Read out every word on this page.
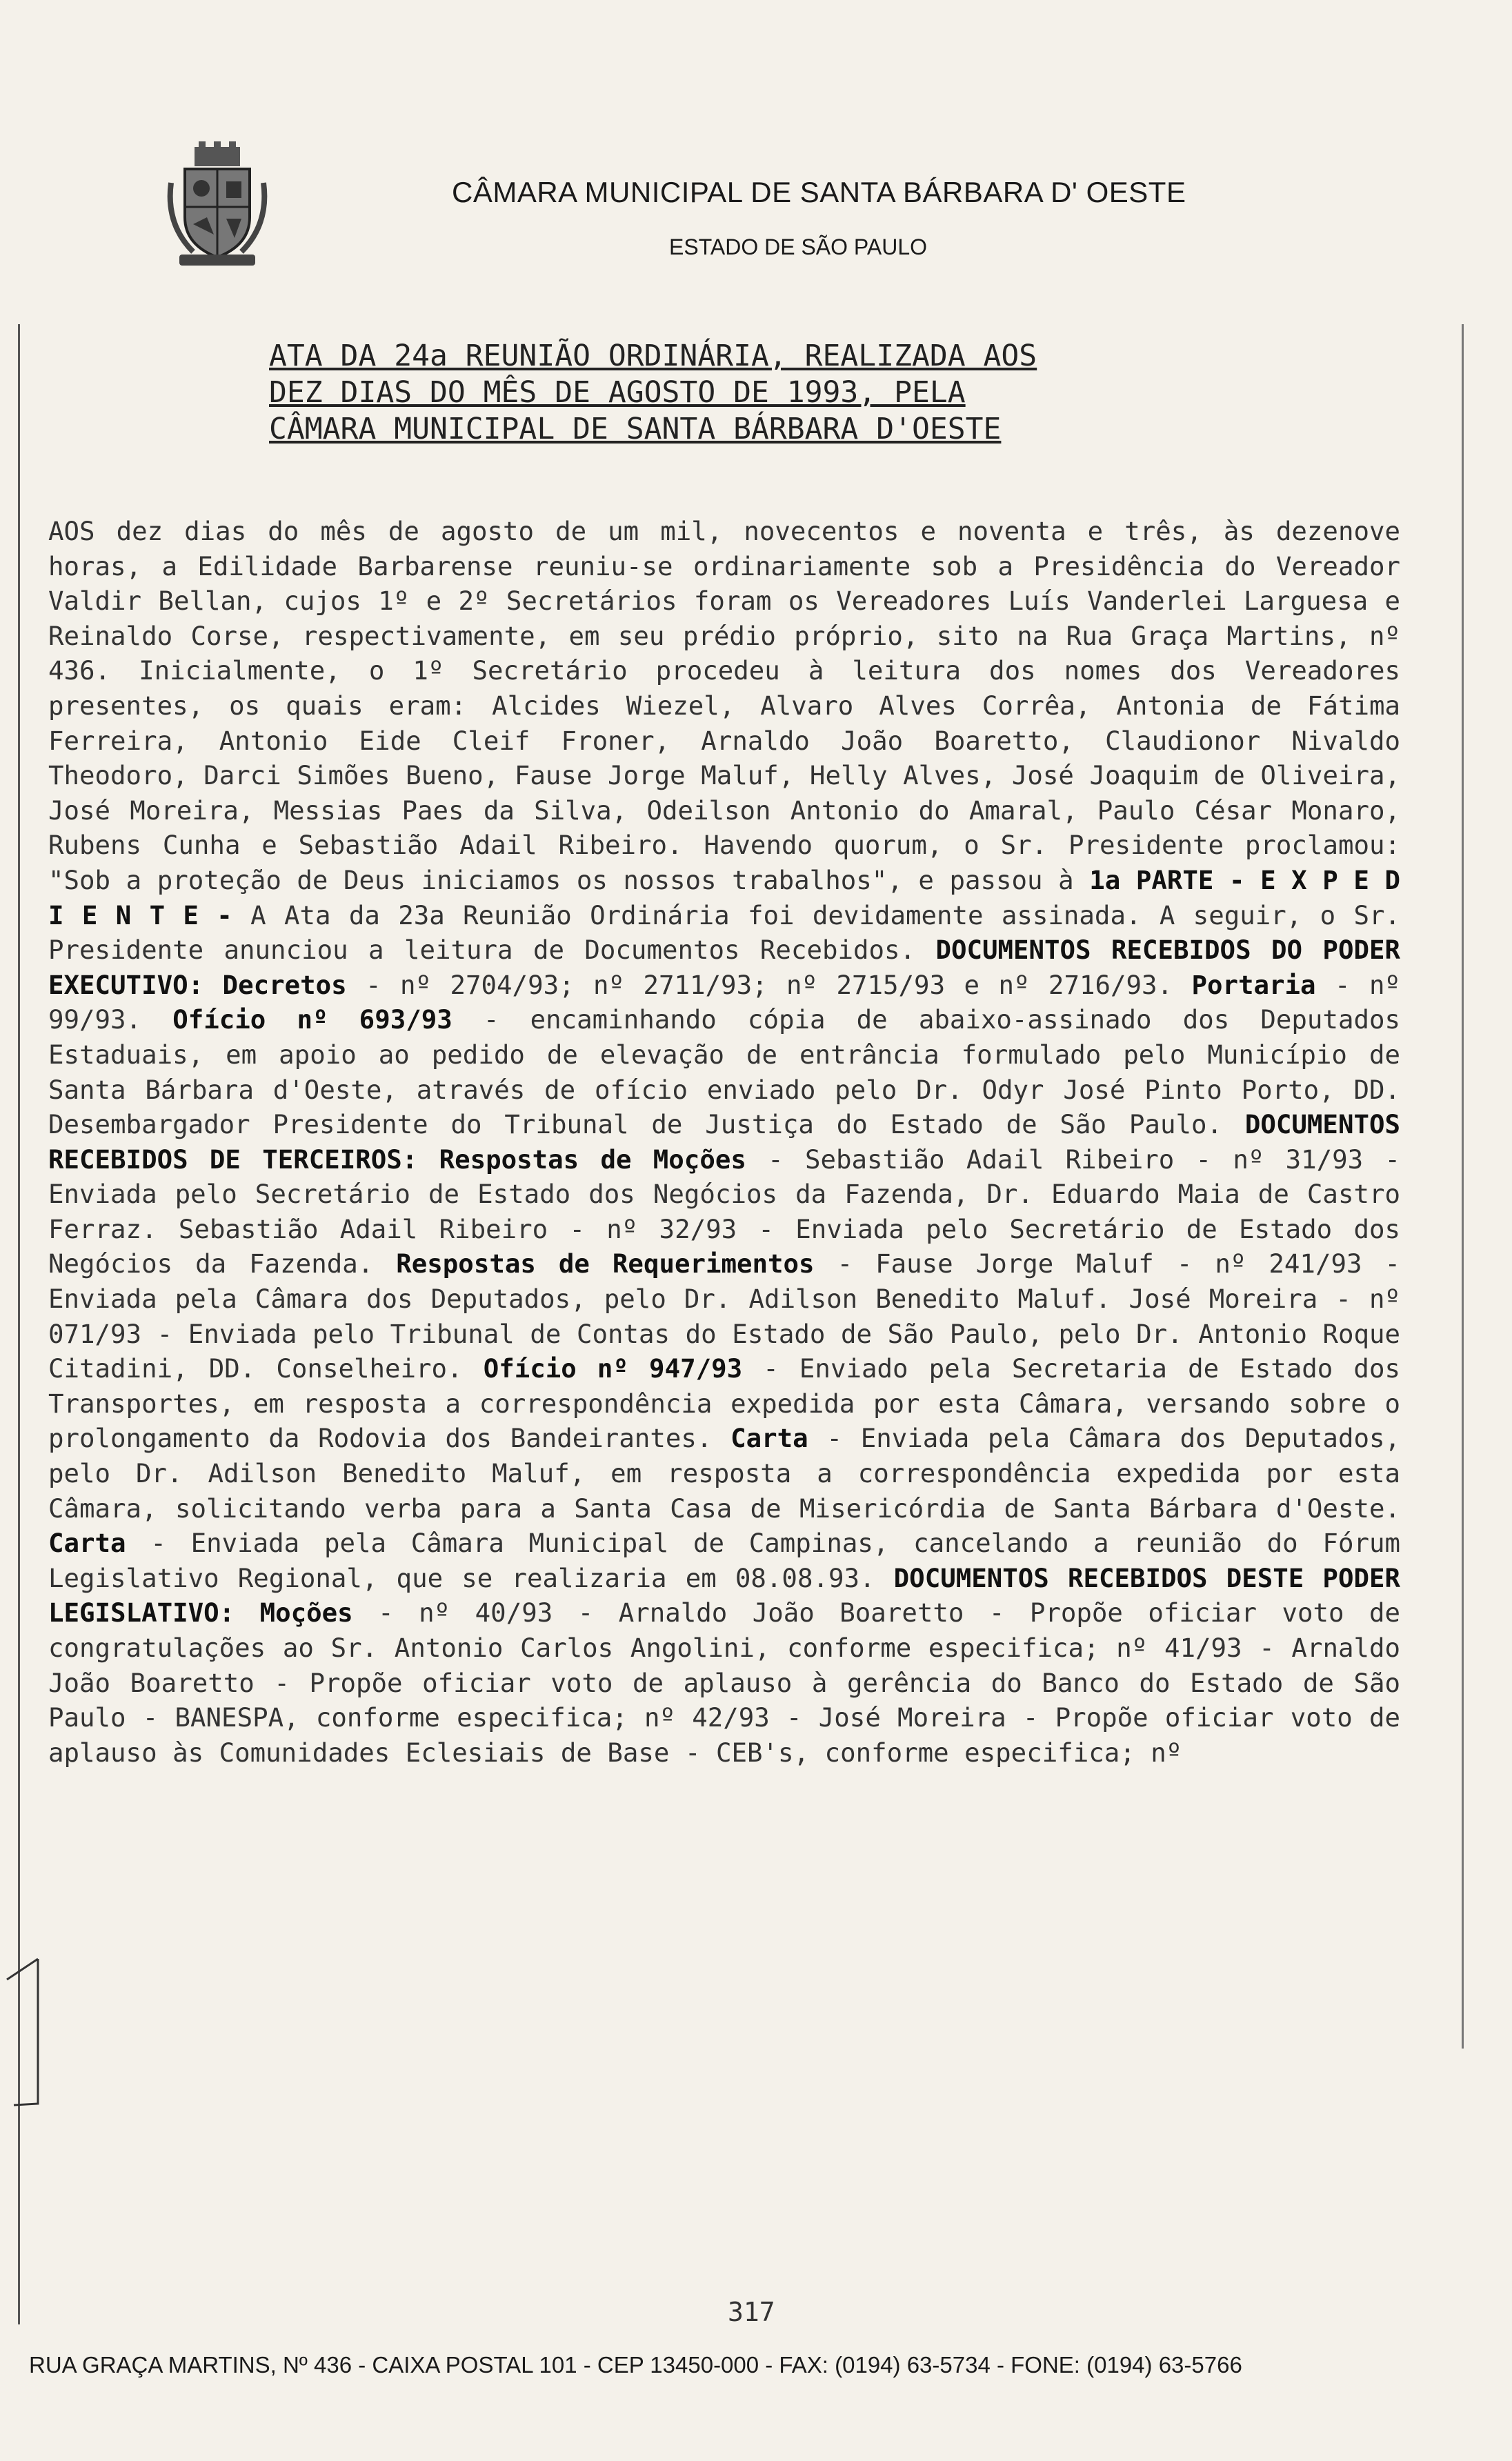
CÂMARA MUNICIPAL DE SANTA BÁRBARA D' OESTE
ESTADO DE SÃO PAULO
ATA DA 24a REUNIÃO ORDINÁRIA, REALIZADA AOS
DEZ DIAS DO MÊS DE AGOSTO DE 1993, PELA
CÂMARA MUNICIPAL DE SANTA BÁRBARA D'OESTE
AOS dez dias do mês de agosto de um mil, novecentos e noventa e três, às dezenove horas, a Edilidade Barbarense reuniu-se ordinariamente sob a Presidência do Vereador Valdir Bellan, cujos 1º e 2º Secretários foram os Vereadores Luís Vanderlei Larguesa e Reinaldo Corse, respectivamente, em seu prédio próprio, sito na Rua Graça Martins, nº 436. Inicialmente, o 1º Secretário procedeu à leitura dos nomes dos Vereadores presentes, os quais eram: Alcides Wiezel, Alvaro Alves Corrêa, Antonia de Fátima Ferreira, Antonio Eide Cleif Froner, Arnaldo João Boaretto, Claudionor Nivaldo Theodoro, Darci Simões Bueno, Fause Jorge Maluf, Helly Alves, José Joaquim de Oliveira, José Moreira, Messias Paes da Silva, Odeilson Antonio do Amaral, Paulo César Monaro, Rubens Cunha e Sebastião Adail Ribeiro. Havendo quorum, o Sr. Presidente proclamou: "Sob a proteção de Deus iniciamos os nossos trabalhos", e passou à 1a PARTE - E X P E D I E N T E - A Ata da 23a Reunião Ordinária foi devidamente assinada. A seguir, o Sr. Presidente anunciou a leitura de Documentos Recebidos. DOCUMENTOS RECEBIDOS DO PODER EXECUTIVO: Decretos - nº 2704/93; nº 2711/93; nº 2715/93 e nº 2716/93. Portaria - nº 99/93. Ofício nº 693/93 - encaminhando cópia de abaixo-assinado dos Deputados Estaduais, em apoio ao pedido de elevação de entrância formulado pelo Município de Santa Bárbara d'Oeste, através de ofício enviado pelo Dr. Odyr José Pinto Porto, DD. Desembargador Presidente do Tribunal de Justiça do Estado de São Paulo. DOCUMENTOS RECEBIDOS DE TERCEIROS: Respostas de Moções - Sebastião Adail Ribeiro - nº 31/93 - Enviada pelo Secretário de Estado dos Negócios da Fazenda, Dr. Eduardo Maia de Castro Ferraz. Sebastião Adail Ribeiro - nº 32/93 - Enviada pelo Secretário de Estado dos Negócios da Fazenda. Respostas de Requerimentos - Fause Jorge Maluf - nº 241/93 - Enviada pela Câmara dos Deputados, pelo Dr. Adilson Benedito Maluf. José Moreira - nº 071/93 - Enviada pelo Tribunal de Contas do Estado de São Paulo, pelo Dr. Antonio Roque Citadini, DD. Conselheiro. Ofício nº 947/93 - Enviado pela Secretaria de Estado dos Transportes, em resposta a correspondência expedida por esta Câmara, versando sobre o prolongamento da Rodovia dos Bandeirantes. Carta - Enviada pela Câmara dos Deputados, pelo Dr. Adilson Benedito Maluf, em resposta a correspondência expedida por esta Câmara, solicitando verba para a Santa Casa de Misericórdia de Santa Bárbara d'Oeste. Carta - Enviada pela Câmara Municipal de Campinas, cancelando a reunião do Fórum Legislativo Regional, que se realizaria em 08.08.93. DOCUMENTOS RECEBIDOS DESTE PODER LEGISLATIVO: Moções - nº 40/93 - Arnaldo João Boaretto - Propõe oficiar voto de congratulações ao Sr. Antonio Carlos Angolini, conforme especifica; nº 41/93 - Arnaldo João Boaretto - Propõe oficiar voto de aplauso à gerência do Banco do Estado de São Paulo - BANESPA, conforme especifica; nº 42/93 - José Moreira - Propõe oficiar voto de aplauso às Comunidades Eclesiais de Base - CEB's, conforme especifica; nº
317
RUA GRAÇA MARTINS, Nº 436 - CAIXA POSTAL 101 - CEP 13450-000 - FAX: (0194) 63-5734 - FONE: (0194) 63-5766
